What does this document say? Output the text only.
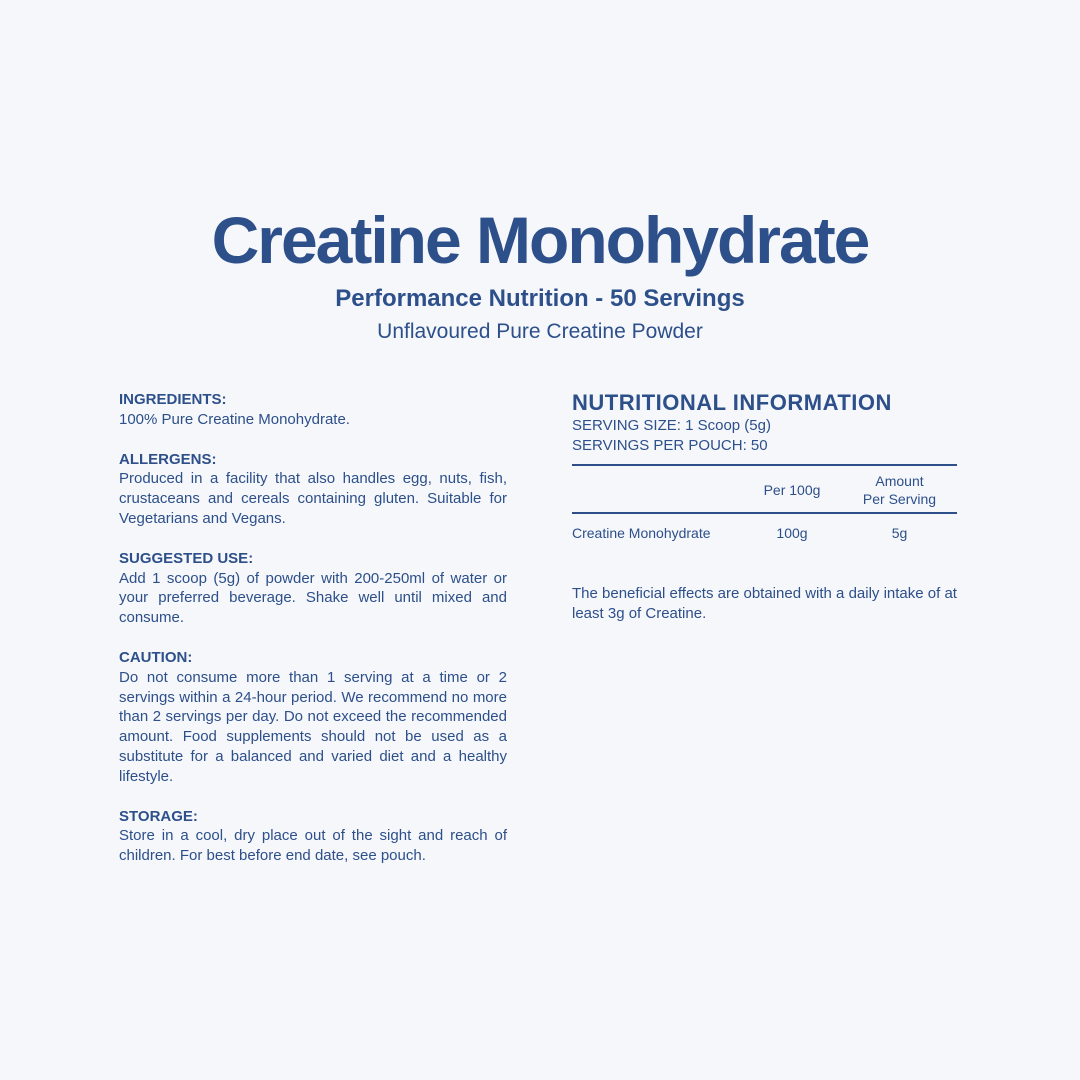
Creatine Monohydrate
Performance Nutrition - 50 Servings

Unflavoured Pure Creatine Powder

INGREDIENTS:

100% Pure Creatine Monohydrate.

ALLERGENS:

Produced in a facility that also handles egg, nuts, fish, crustaceans and cereals containing gluten. Suitable for Vegetarians and Vegans.

SUGGESTED USE:

Add 1 scoop (5g) of powder with 200-250ml of water or your preferred beverage. Shake well until mixed and consume.

CAUTION:

Do not consume more than 1 serving at a time or 2 servings within a 24-hour period. We recommend no more than 2 servings per day. Do not exceed the recommended amount. Food supplements should not be used as a substitute for a balanced and varied diet and a healthy lifestyle.

STORAGE:

Store in a cool, dry place out of the sight and reach of children. For best before end date, see pouch.

NUTRITIONAL INFORMATION

SERVING SIZE: 1 Scoop (5g)

SERVINGS PER POUCH: 50

	Per 100g	Amount
Per Serving
Creatine Monohydrate	100g	5g

The beneficial effects are obtained with a daily intake of at least 3g of Creatine.
